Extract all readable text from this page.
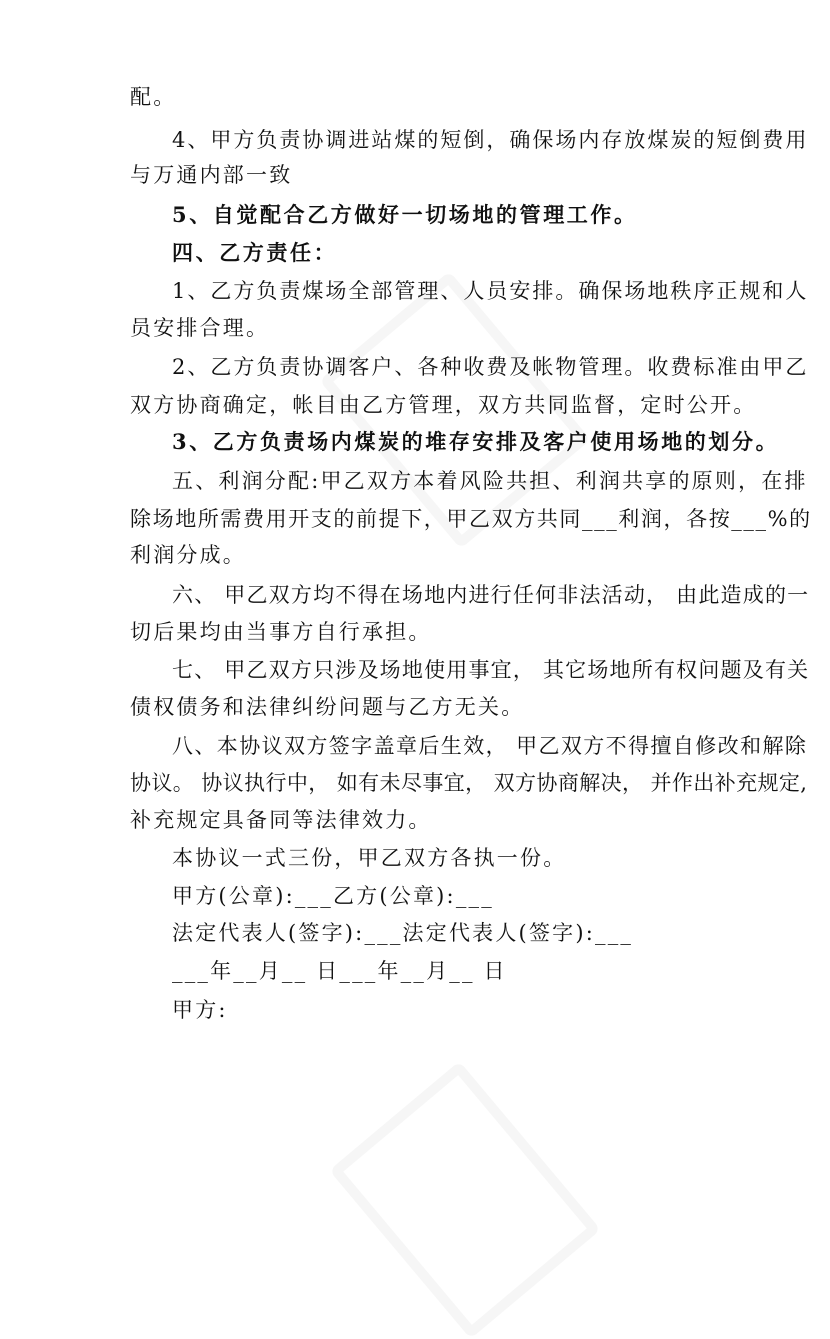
配。
4、甲方负责协调进站煤的短倒，确保场内存放煤炭的短倒费用
与万通内部一致
5、自觉配合乙方做好一切场地的管理工作。
四、乙方责任：
1、乙方负责煤场全部管理、人员安排。确保场地秩序正规和人
员安排合理。
2、乙方负责协调客户、各种收费及帐物管理。收费标准由甲乙
双方协商确定，帐目由乙方管理，双方共同监督，定时公开。
3、乙方负责场内煤炭的堆存安排及客户使用场地的划分。
五、利润分配:甲乙双方本着风险共担、利润共享的原则，在排
除场地所需费用开支的前提下，甲乙双方共同___利润，各按___%的
利润分成。
六、 甲乙双方均不得在场地内进行任何非法活动， 由此造成的一
切后果均由当事方自行承担。
七、 甲乙双方只涉及场地使用事宜， 其它场地所有权问题及有关
债权债务和法律纠纷问题与乙方无关。
八、本协议双方签字盖章后生效， 甲乙双方不得擅自修改和解除
协议。 协议执行中， 如有未尽事宜， 双方协商解决， 并作出补充规定,
补充规定具备同等法律效力。
本协议一式三份，甲乙双方各执一份。
甲方(公章):___乙方(公章):___
法定代表人(签字):___法定代表人(签字):___
___年__月__ 日___年__月__ 日
甲方:
